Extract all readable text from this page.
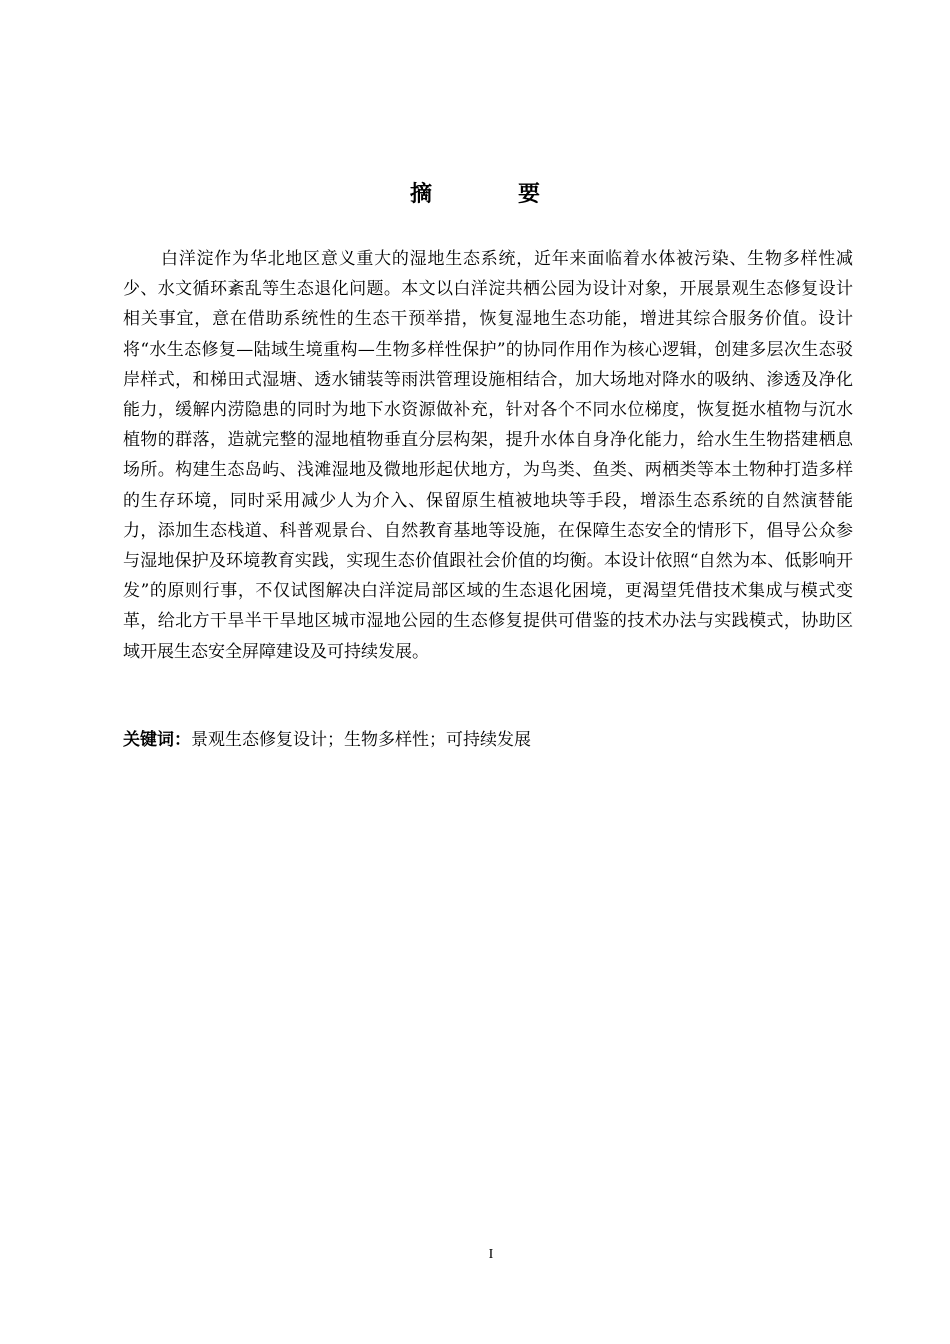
摘　要

白洋淀作为华北地区意义重大的湿地生态系统，近年来面临着水体被污染、生物多样性减少、水文循环紊乱等生态退化问题。本文以白洋淀共栖公园为设计对象，开展景观生态修复设计相关事宜，意在借助系统性的生态干预举措，恢复湿地生态功能，增进其综合服务价值。设计将“水生态修复—陆域生境重构—生物多样性保护”的协同作用作为核心逻辑，创建多层次生态驳岸样式，和梯田式湿塘、透水铺装等雨洪管理设施相结合，加大场地对降水的吸纳、渗透及净化能力，缓解内涝隐患的同时为地下水资源做补充，针对各个不同水位梯度，恢复挺水植物与沉水植物的群落，造就完整的湿地植物垂直分层构架，提升水体自身净化能力，给水生生物搭建栖息场所。构建生态岛屿、浅滩湿地及微地形起伏地方，为鸟类、鱼类、两栖类等本土物种打造多样的生存环境，同时采用减少人为介入、保留原生植被地块等手段，增添生态系统的自然演替能力，添加生态栈道、科普观景台、自然教育基地等设施，在保障生态安全的情形下，倡导公众参与湿地保护及环境教育实践，实现生态价值跟社会价值的均衡。本设计依照“自然为本、低影响开发”的原则行事，不仅试图解决白洋淀局部区域的生态退化困境，更渴望凭借技术集成与模式变革，给北方干旱半干旱地区城市湿地公园的生态修复提供可借鉴的技术办法与实践模式，协助区域开展生态安全屏障建设及可持续发展。

关键词：景观生态修复设计；生物多样性；可持续发展

I
